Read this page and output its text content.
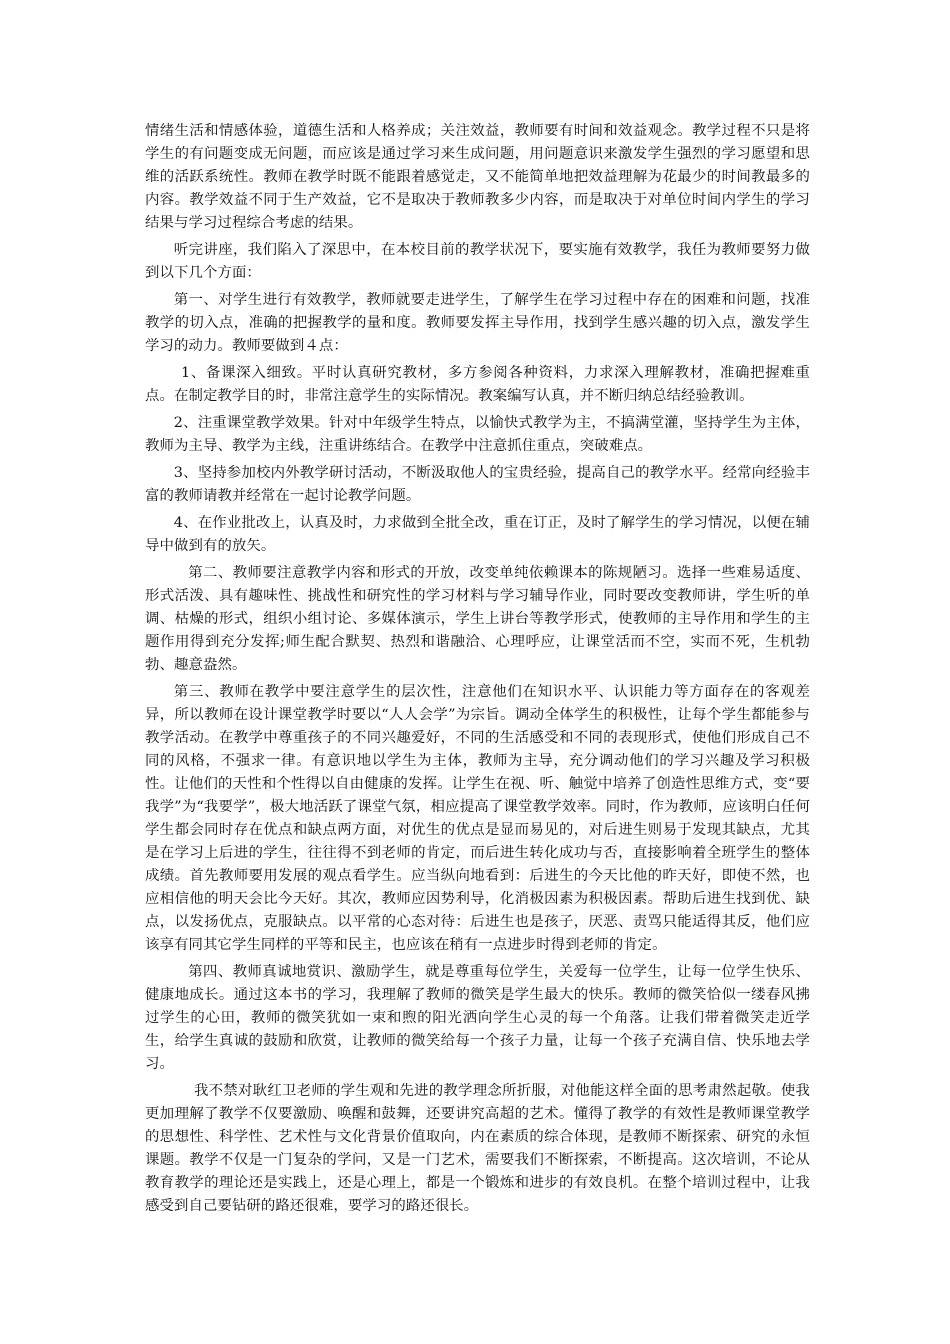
情绪生活和情感体验，道德生活和人格养成；关注效益，教师要有时间和效益观念。教学过程不只是将学生的有问题变成无问题，而应该是通过学习来生成问题，用问题意识来激发学生强烈的学习愿望和思维的活跃系统性。教师在教学时既不能跟着感觉走，又不能简单地把效益理解为花最少的时间教最多的内容。教学效益不同于生产效益，它不是取决于教师教多少内容，而是取决于对单位时间内学生的学习结果与学习过程综合考虑的结果。

听完讲座，我们陷入了深思中，在本校目前的教学状况下，要实施有效教学，我任为教师要努力做到以下几个方面：

第一、对学生进行有效教学，教师就要走进学生，了解学生在学习过程中存在的困难和问题，找准教学的切入点，准确的把握教学的量和度。教师要发挥主导作用，找到学生感兴趣的切入点，激发学生学习的动力。教师要做到４点：

1、备课深入细致。平时认真研究教材，多方参阅各种资料，力求深入理解教材，准确把握难重点。在制定教学目的时，非常注意学生的实际情况。教案编写认真，并不断归纳总结经验教训。

2、注重课堂教学效果。针对中年级学生特点，以愉快式教学为主，不搞满堂灌，坚持学生为主体，教师为主导、教学为主线，注重讲练结合。在教学中注意抓住重点，突破难点。

3、坚持参加校内外教学研讨活动，不断汲取他人的宝贵经验，提高自己的教学水平。经常向经验丰富的教师请教并经常在一起讨论教学问题。

4、在作业批改上，认真及时，力求做到全批全改，重在订正，及时了解学生的学习情况，以便在辅导中做到有的放矢。

第二、教师要注意教学内容和形式的开放，改变单纯依赖课本的陈规陋习。选择一些难易适度、形式活泼、具有趣味性、挑战性和研究性的学习材料与学习辅导作业，同时要改变教师讲，学生听的单调、枯燥的形式，组织小组讨论、多媒体演示，学生上讲台等教学形式，使教师的主导作用和学生的主题作用得到充分发挥;师生配合默契、热烈和谐融洽、心理呼应，让课堂活而不空，实而不死，生机勃勃、趣意盎然。

第三、教师在教学中要注意学生的层次性，注意他们在知识水平、认识能力等方面存在的客观差异，所以教师在设计课堂教学时要以“人人会学”为宗旨。调动全体学生的积极性，让每个学生都能参与教学活动。在教学中尊重孩子的不同兴趣爱好，不同的生活感受和不同的表现形式，使他们形成自己不同的风格，不强求一律。有意识地以学生为主体，教师为主导，充分调动他们的学习兴趣及学习积极性。让他们的天性和个性得以自由健康的发挥。让学生在视、听、触觉中培养了创造性思维方式，变“要我学”为“我要学”，极大地活跃了课堂气氛，相应提高了课堂教学效率。同时，作为教师，应该明白任何学生都会同时存在优点和缺点两方面，对优生的优点是显而易见的，对后进生则易于发现其缺点，尤其是在学习上后进的学生，往往得不到老师的肯定，而后进生转化成功与否，直接影响着全班学生的整体成绩。首先教师要用发展的观点看学生。应当纵向地看到：后进生的今天比他的昨天好，即使不然，也应相信他的明天会比今天好。其次，教师应因势利导，化消极因素为积极因素。帮助后进生找到优、缺点，以发扬优点，克服缺点。以平常的心态对待：后进生也是孩子，厌恶、责骂只能适得其反，他们应该享有同其它学生同样的平等和民主，也应该在稍有一点进步时得到老师的肯定。

第四、教师真诚地赏识、激励学生，就是尊重每位学生，关爱每一位学生，让每一位学生快乐、健康地成长。通过这本书的学习，我理解了教师的微笑是学生最大的快乐。教师的微笑恰似一缕春风拂过学生的心田，教师的微笑犹如一束和煦的阳光洒向学生心灵的每一个角落。让我们带着微笑走近学生，给学生真诚的鼓励和欣赏，让教师的微笑给每一个孩子力量，让每一个孩子充满自信、快乐地去学习。

我不禁对耿红卫老师的学生观和先进的教学理念所折服，对他能这样全面的思考肃然起敬。使我更加理解了教学不仅要激励、唤醒和鼓舞，还要讲究高超的艺术。懂得了教学的有效性是教师课堂教学的思想性、科学性、艺术性与文化背景价值取向，内在素质的综合体现，是教师不断探索、研究的永恒课题。教学不仅是一门复杂的学问，又是一门艺术，需要我们不断探索，不断提高。这次培训，不论从教育教学的理论还是实践上，还是心理上，都是一个锻炼和进步的有效良机。在整个培训过程中，让我感受到自己要钻研的路还很难，要学习的路还很长。
